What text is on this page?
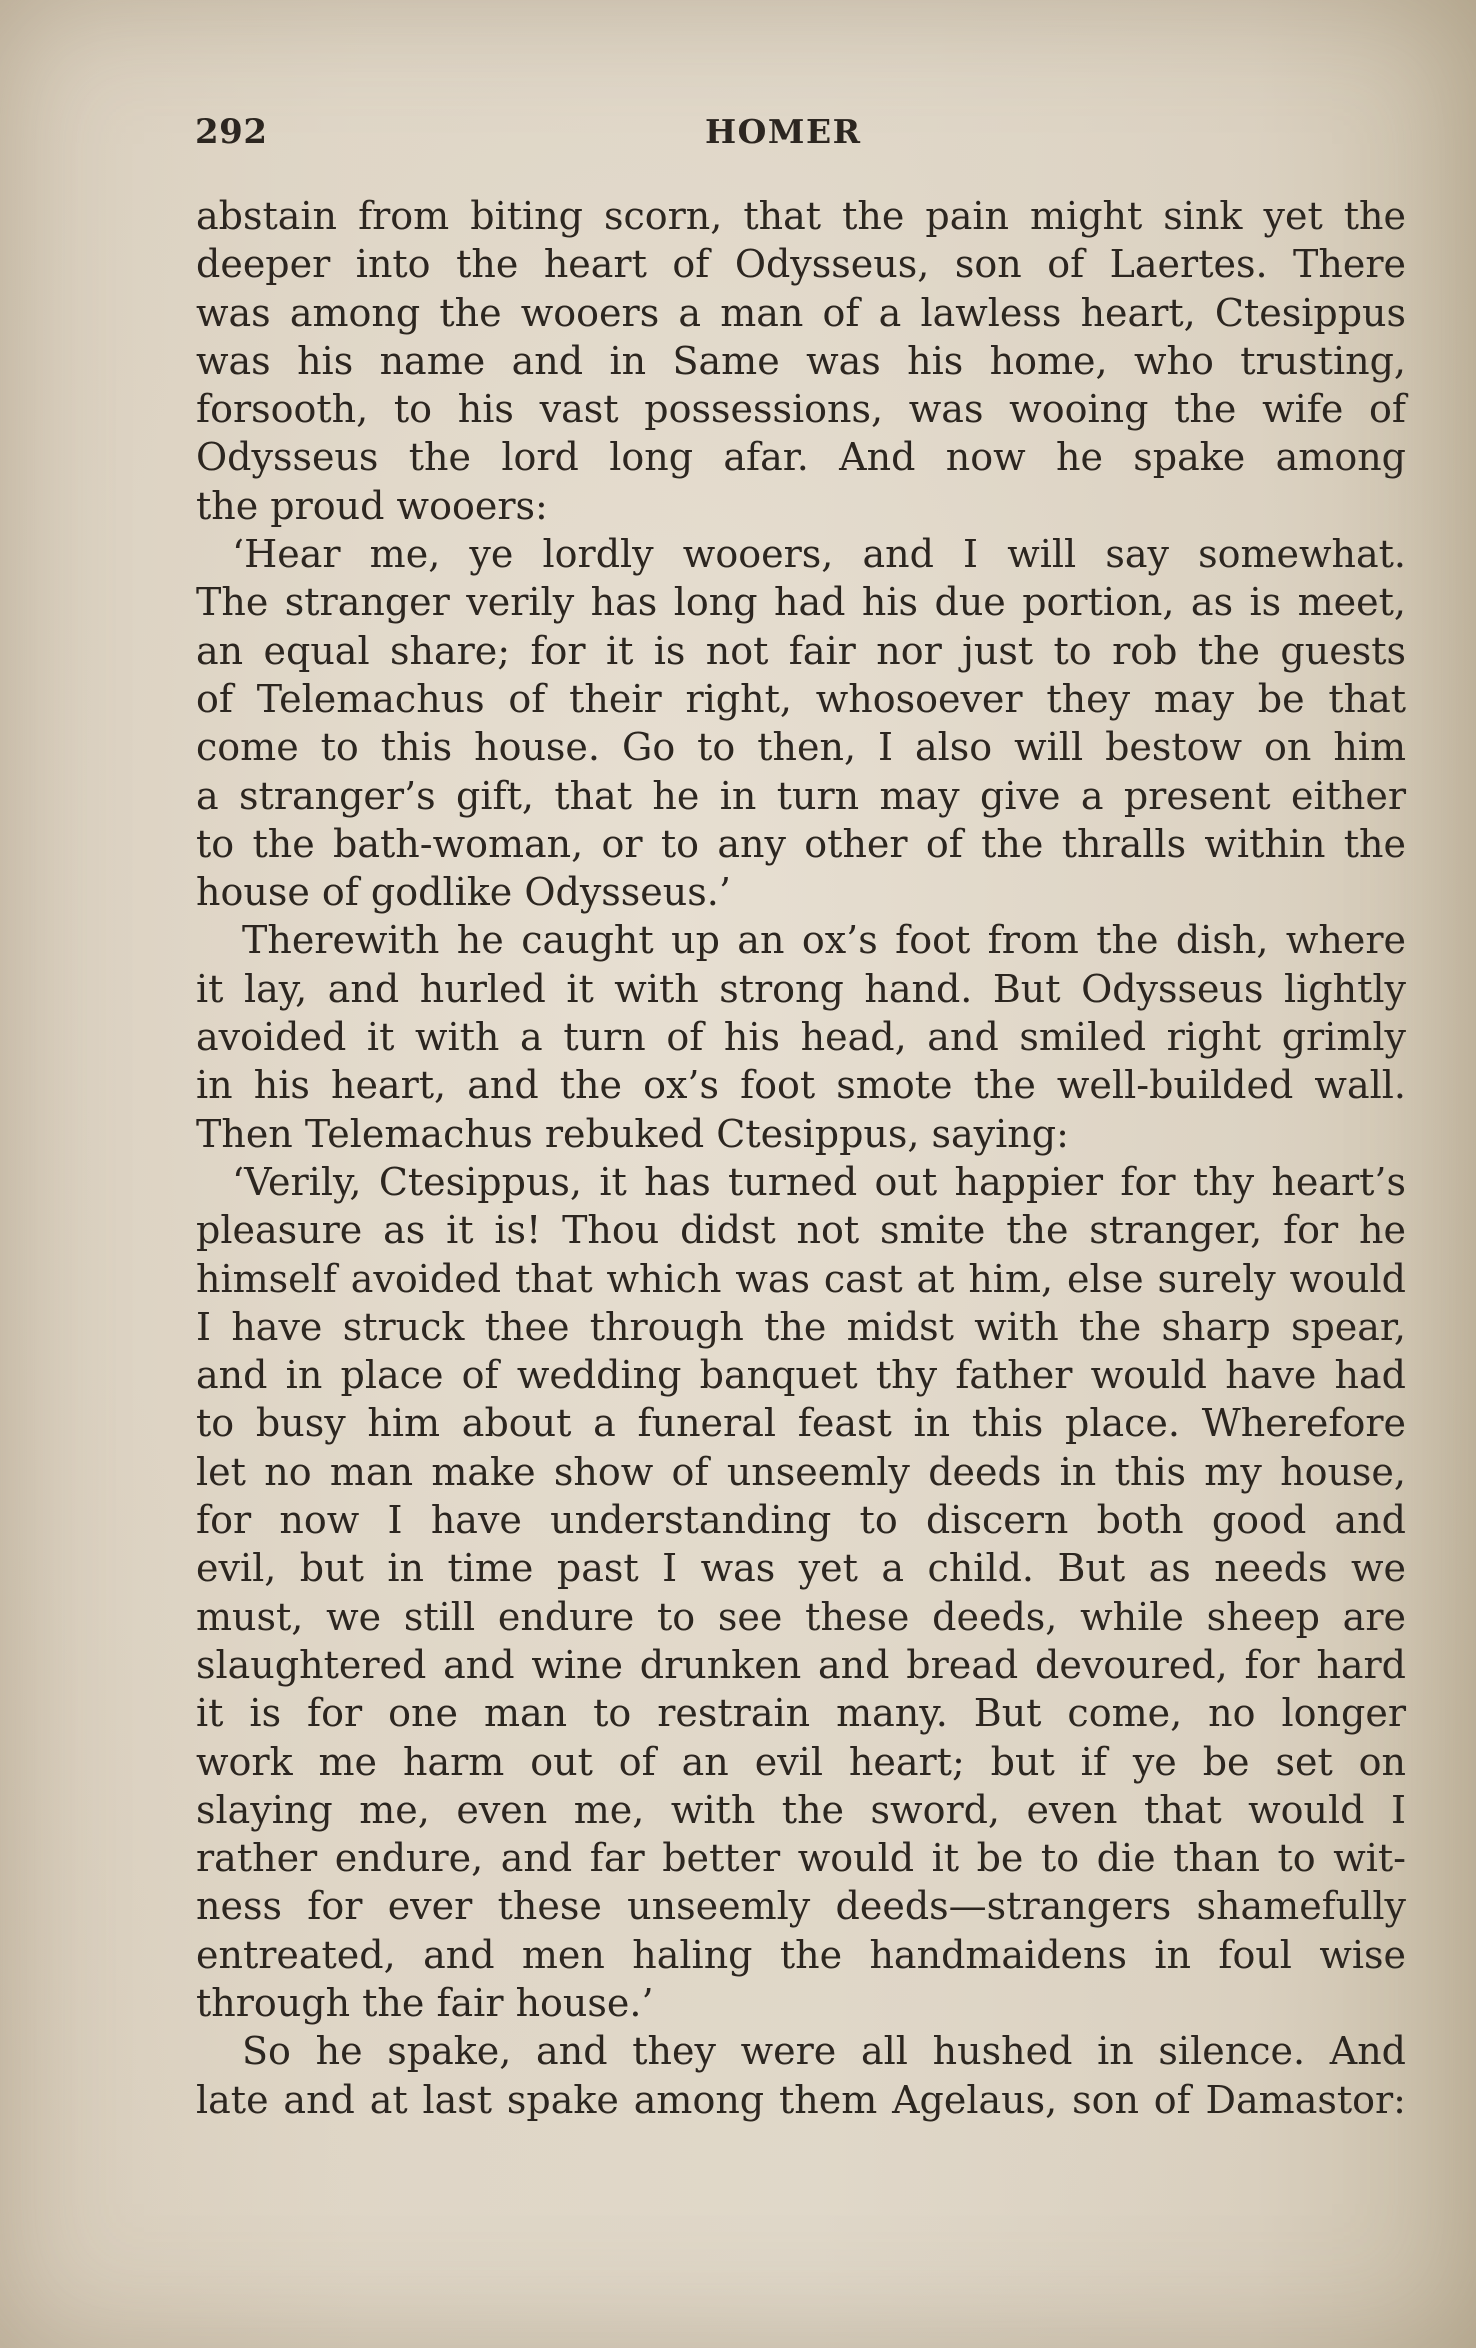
292	HOMER
abstain from biting scorn, that the pain might sink yet the
deeper into the heart of Odysseus, son of Laertes. There
was among the wooers a man of a lawless heart, Ctesippus
was his name and in Same was his home, who trusting,
forsooth, to his vast possessions, was wooing the wife of
Odysseus the lord long afar. And now he spake among
the proud wooers:
‘Hear me, ye lordly wooers, and I will say somewhat.
The stranger verily has long had his due portion, as is meet,
an equal share; for it is not fair nor just to rob the guests
of Telemachus of their right, whosoever they may be that
come to this house. Go to then, I also will bestow on him
a stranger’s gift, that he in turn may give a present either
to the bath-woman, or to any other of the thralls within the
house of godlike Odysseus.’
Therewith he caught up an ox’s foot from the dish, where
it lay, and hurled it with strong hand. But Odysseus lightly
avoided it with a turn of his head, and smiled right grimly
in his heart, and the ox’s foot smote the well-builded wall.
Then Telemachus rebuked Ctesippus, saying:
‘Verily, Ctesippus, it has turned out happier for thy heart’s
pleasure as it is! Thou didst not smite the stranger, for he
himself avoided that which was cast at him, else surely would
I have struck thee through the midst with the sharp spear,
and in place of wedding banquet thy father would have had
to busy him about a funeral feast in this place. Wherefore
let no man make show of unseemly deeds in this my house,
for now I have understanding to discern both good and
evil, but in time past I was yet a child. But as needs we
must, we still endure to see these deeds, while sheep are
slaughtered and wine drunken and bread devoured, for hard
it is for one man to restrain many. But come, no longer
work me harm out of an evil heart; but if ye be set on
slaying me, even me, with the sword, even that would I
rather endure, and far better would it be to die than to wit-
ness for ever these unseemly deeds—strangers shamefully
entreated, and men haling the handmaidens in foul wise
through the fair house.’
So he spake, and they were all hushed in silence. And
late and at last spake among them Agelaus, son of Damastor:
